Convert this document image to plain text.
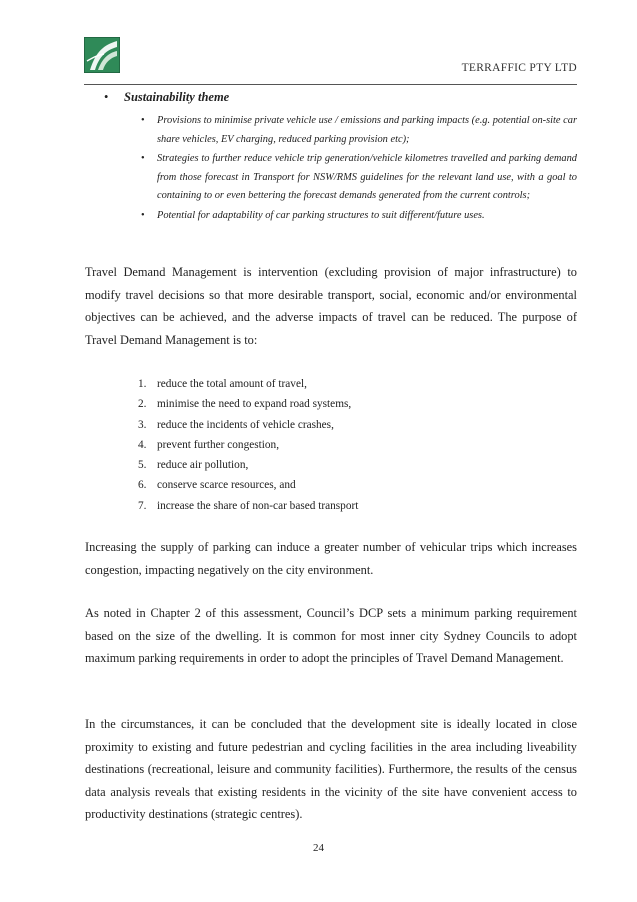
TERRAFFIC PTY LTD
• Sustainability theme
• Provisions to minimise private vehicle use / emissions and parking impacts (e.g. potential on-site car share vehicles, EV charging, reduced parking provision etc);
• Strategies to further reduce vehicle trip generation/vehicle kilometres travelled and parking demand from those forecast in Transport for NSW/RMS guidelines for the relevant land use, with a goal to containing to or even bettering the forecast demands generated from the current controls;
• Potential for adaptability of car parking structures to suit different/future uses.
Travel Demand Management is intervention (excluding provision of major infrastructure) to modify travel decisions so that more desirable transport, social, economic and/or environmental objectives can be achieved, and the adverse impacts of travel can be reduced. The purpose of Travel Demand Management is to:
1. reduce the total amount of travel,
2. minimise the need to expand road systems,
3. reduce the incidents of vehicle crashes,
4. prevent further congestion,
5. reduce air pollution,
6. conserve scarce resources, and
7. increase the share of non-car based transport
Increasing the supply of parking can induce a greater number of vehicular trips which increases congestion, impacting negatively on the city environment.
As noted in Chapter 2 of this assessment, Council’s DCP sets a minimum parking requirement based on the size of the dwelling. It is common for most inner city Sydney Councils to adopt maximum parking requirements in order to adopt the principles of Travel Demand Management.
In the circumstances, it can be concluded that the development site is ideally located in close proximity to existing and future pedestrian and cycling facilities in the area including liveability destinations (recreational, leisure and community facilities). Furthermore, the results of the census data analysis reveals that existing residents in the vicinity of the site have convenient access to productivity destinations (strategic centres).
24
